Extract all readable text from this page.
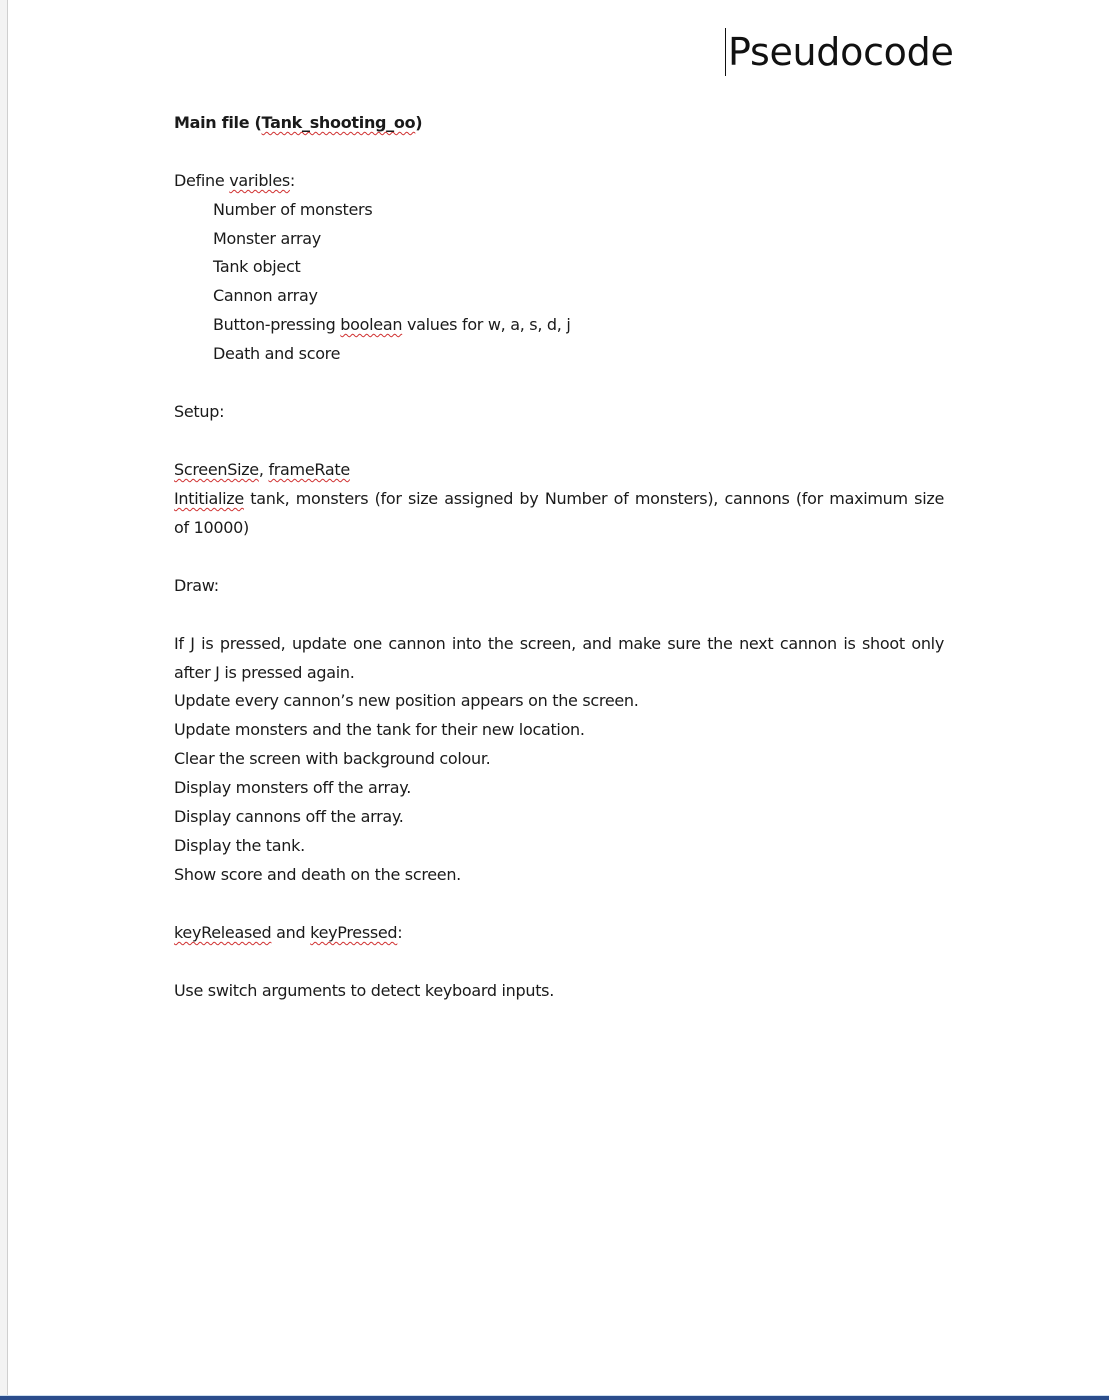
Pseudocode
Main file (Tank_shooting_oo)
Define varibles:
Number of monsters
Monster array
Tank object
Cannon array
Button-pressing boolean values for w, a, s, d, j
Death and score
Setup:
ScreenSize, frameRate
Intitialize tank, monsters (for size assigned by Number of monsters), cannons (for maximum size
of 10000)
Draw:
If J is pressed, update one cannon into the screen, and make sure the next cannon is shoot only
after J is pressed again.
Update every cannon’s new position appears on the screen.
Update monsters and the tank for their new location.
Clear the screen with background colour.
Display monsters off the array.
Display cannons off the array.
Display the tank.
Show score and death on the screen.
keyReleased and keyPressed:
Use switch arguments to detect keyboard inputs.
